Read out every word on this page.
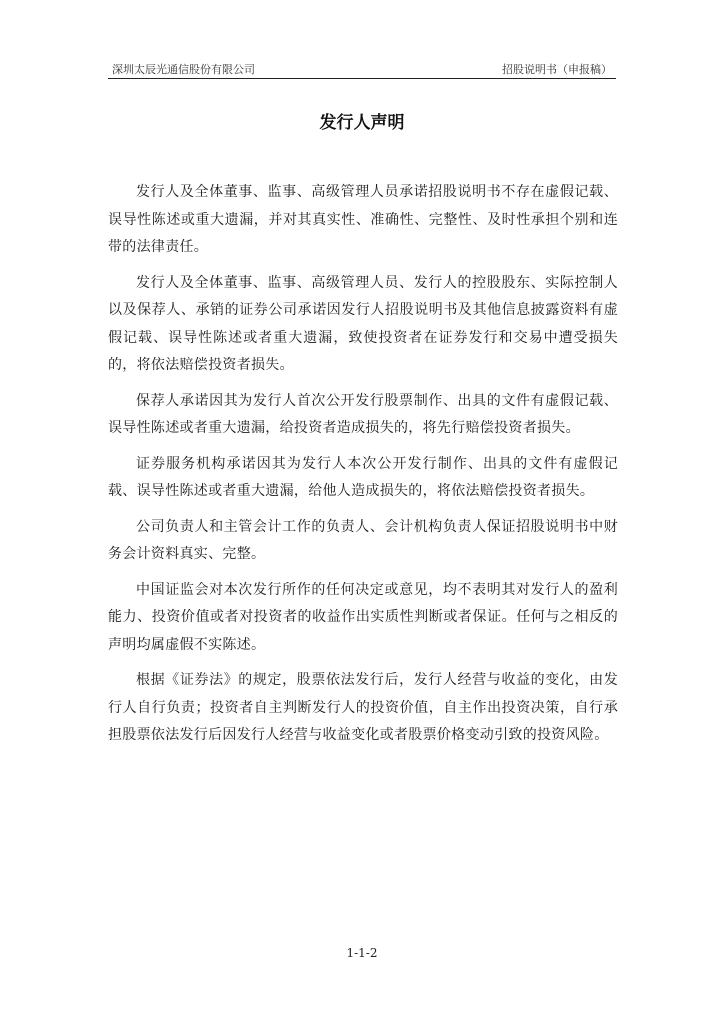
深圳太辰光通信股份有限公司	招股说明书（申报稿）
发行人声明

发行人及全体董事、监事、高级管理人员承诺招股说明书不存在虚假记载、误导性陈述或重大遗漏，并对其真实性、准确性、完整性、及时性承担个别和连带的法律责任。

发行人及全体董事、监事、高级管理人员、发行人的控股股东、实际控制人以及保荐人、承销的证券公司承诺因发行人招股说明书及其他信息披露资料有虚假记载、误导性陈述或者重大遗漏，致使投资者在证券发行和交易中遭受损失的，将依法赔偿投资者损失。

保荐人承诺因其为发行人首次公开发行股票制作、出具的文件有虚假记载、误导性陈述或者重大遗漏，给投资者造成损失的，将先行赔偿投资者损失。

证券服务机构承诺因其为发行人本次公开发行制作、出具的文件有虚假记载、误导性陈述或者重大遗漏，给他人造成损失的，将依法赔偿投资者损失。

公司负责人和主管会计工作的负责人、会计机构负责人保证招股说明书中财务会计资料真实、完整。

中国证监会对本次发行所作的任何决定或意见，均不表明其对发行人的盈利能力、投资价值或者对投资者的收益作出实质性判断或者保证。任何与之相反的声明均属虚假不实陈述。

根据《证券法》的规定，股票依法发行后，发行人经营与收益的变化，由发行人自行负责；投资者自主判断发行人的投资价值，自主作出投资决策，自行承担股票依法发行后因发行人经营与收益变化或者股票价格变动引致的投资风险。

1-1-2
